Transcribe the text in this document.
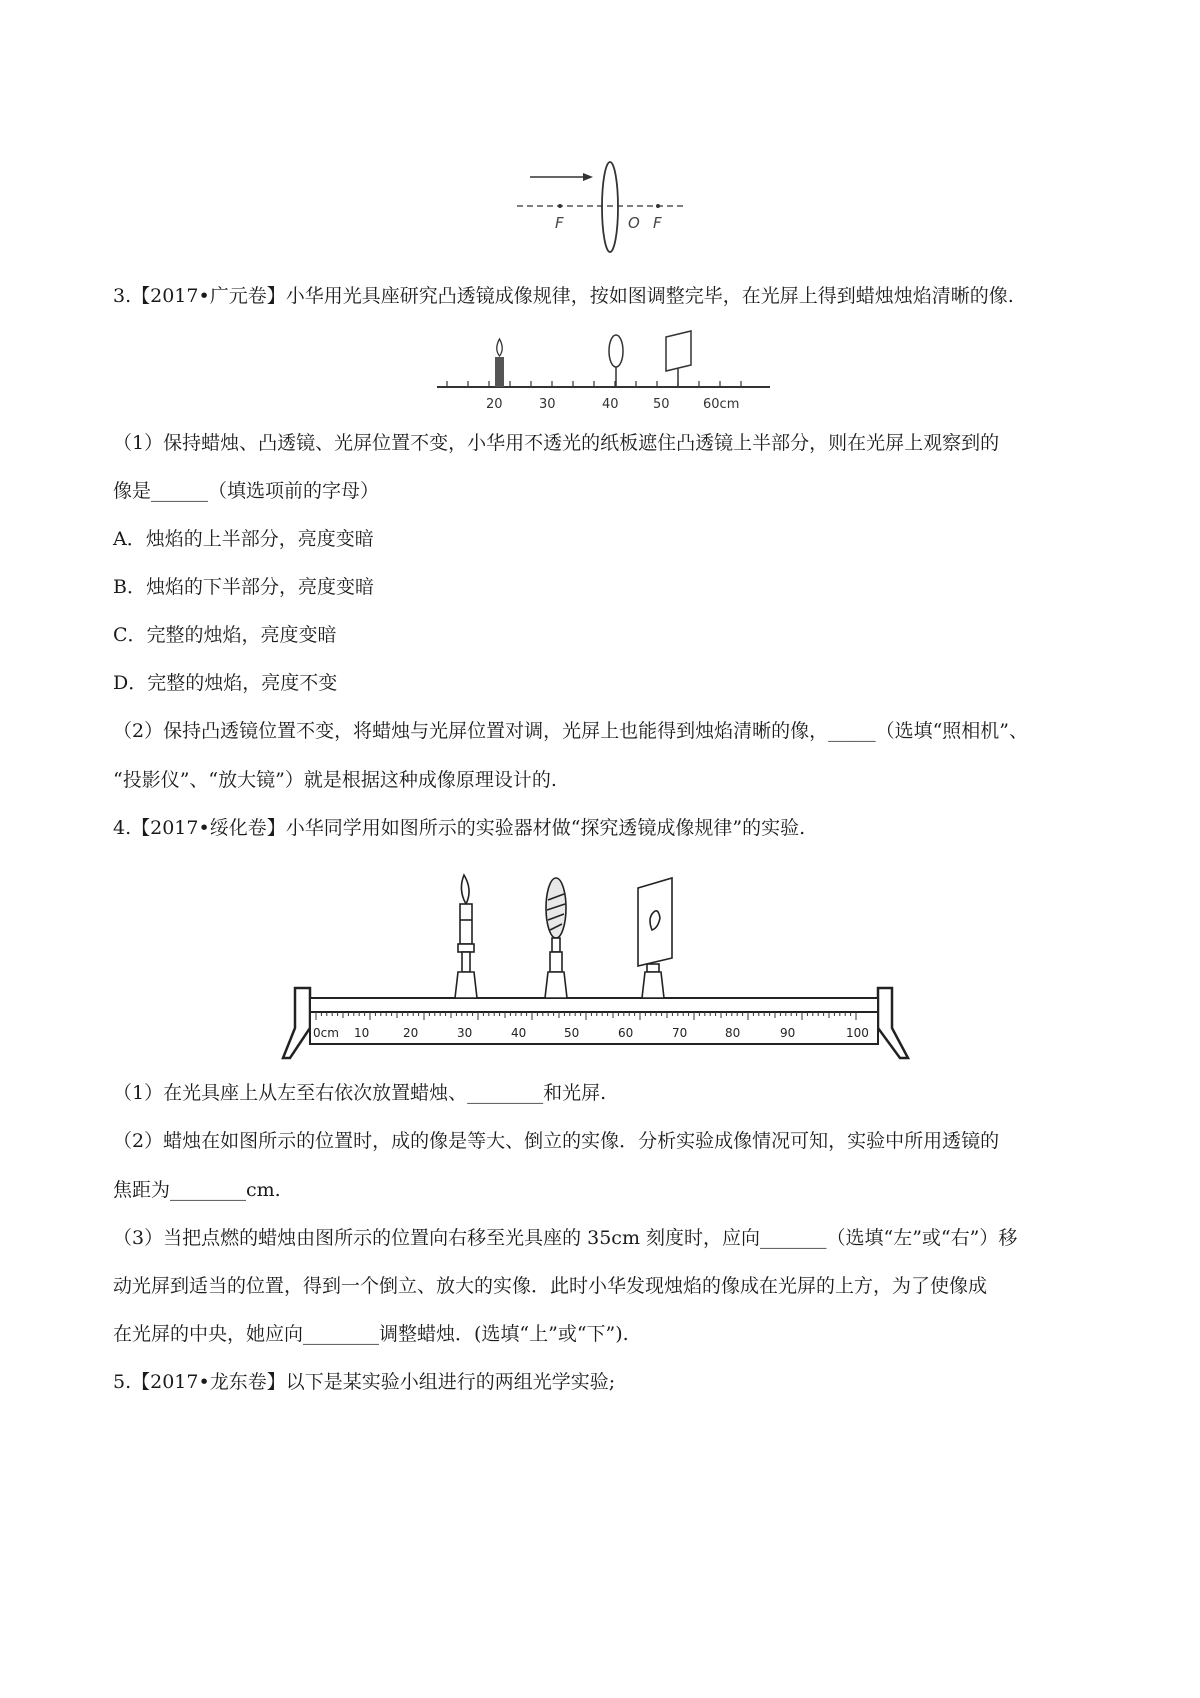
F	O F
3.【2017•广元卷】小华用光具座研究凸透镜成像规律，按如图调整完毕，在光屏上得到蜡烛烛焰清晰的像.
20	30	40	50	60cm
（1）保持蜡烛、凸透镜、光屏位置不变，小华用不透光的纸板遮住凸透镜上半部分，则在光屏上观察到的
像是______（填选项前的字母）
A．烛焰的上半部分，亮度变暗
B．烛焰的下半部分，亮度变暗
C．完整的烛焰，亮度变暗
D．完整的烛焰，亮度不变
（2）保持凸透镜位置不变，将蜡烛与光屏位置对调，光屏上也能得到烛焰清晰的像，_____（选填“照相机”、
“投影仪”、“放大镜”）就是根据这种成像原理设计的.
4.【2017•绥化卷】小华同学用如图所示的实验器材做“探究透镜成像规律”的实验.
0cm 10	20	30	40	50	60	70	80	90	100
（1）在光具座上从左至右依次放置蜡烛、________和光屏.
（2）蜡烛在如图所示的位置时，成的像是等大、倒立的实像．分析实验成像情况可知，实验中所用透镜的
焦距为________cm.
（3）当把点燃的蜡烛由图所示的位置向右移至光具座的 35cm 刻度时，应向_______（选填“左”或“右”）移
动光屏到适当的位置，得到一个倒立、放大的实像．此时小华发现烛焰的像成在光屏的上方，为了使像成
在光屏的中央，她应向________调整蜡烛．(选填“上”或“下”).
5.【2017•龙东卷】以下是某实验小组进行的两组光学实验;
